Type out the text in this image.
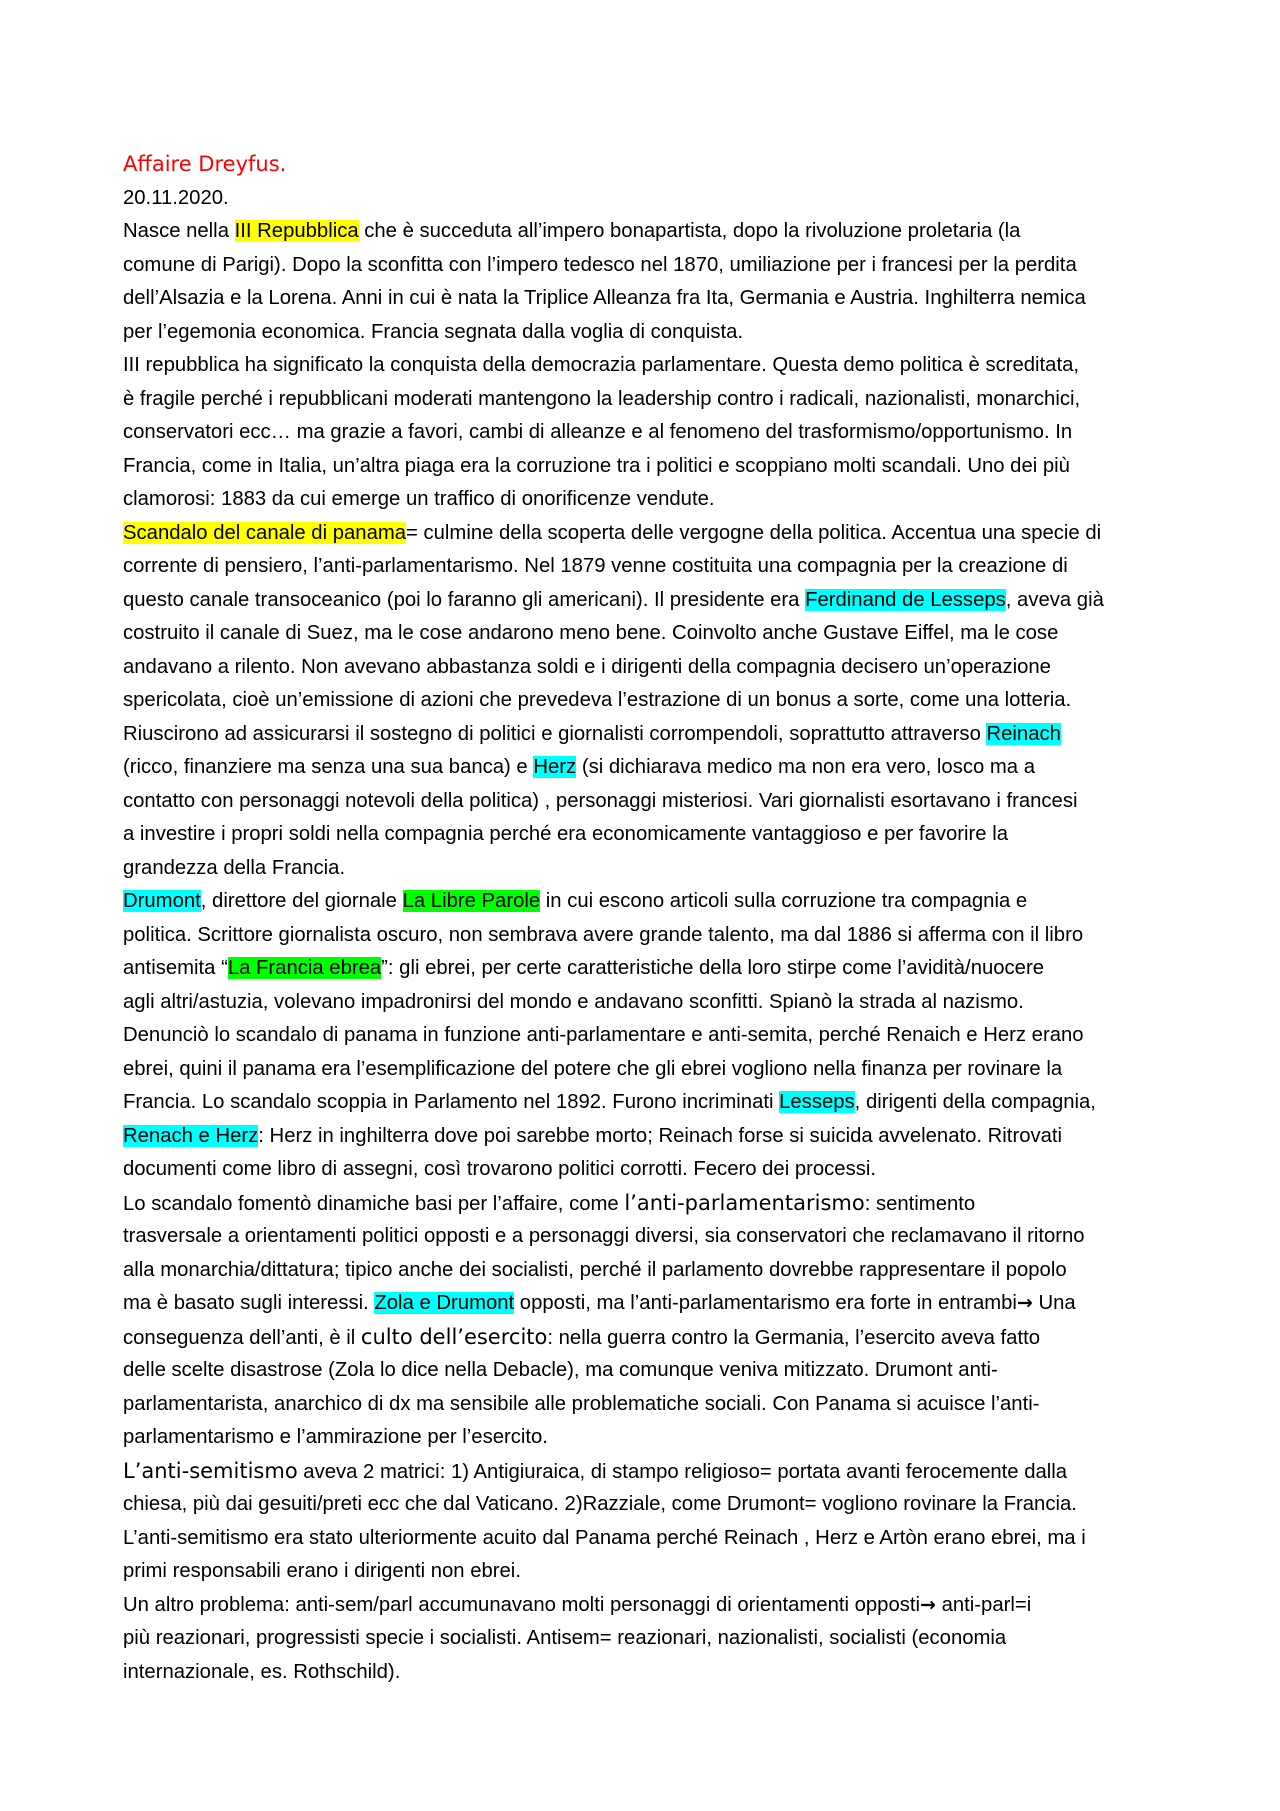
Affaire Dreyfus.
20.11.2020.
Nasce nella III Repubblica che è succeduta all’impero bonapartista, dopo la rivoluzione proletaria (la
comune di Parigi). Dopo la sconfitta con l’impero tedesco nel 1870, umiliazione per i francesi per la perdita
dell’Alsazia e la Lorena. Anni in cui è nata la Triplice Alleanza fra Ita, Germania e Austria. Inghilterra nemica
per l’egemonia economica. Francia segnata dalla voglia di conquista.
III repubblica ha significato la conquista della democrazia parlamentare. Questa demo politica è screditata,
è fragile perché i repubblicani moderati mantengono la leadership contro i radicali, nazionalisti, monarchici,
conservatori ecc… ma grazie a favori, cambi di alleanze e al fenomeno del trasformismo/opportunismo. In
Francia, come in Italia, un’altra piaga era la corruzione tra i politici e scoppiano molti scandali. Uno dei più
clamorosi: 1883 da cui emerge un traffico di onorificenze vendute.
Scandalo del canale di panama= culmine della scoperta delle vergogne della politica. Accentua una specie di
corrente di pensiero, l’anti-parlamentarismo. Nel 1879 venne costituita una compagnia per la creazione di
questo canale transoceanico (poi lo faranno gli americani). Il presidente era Ferdinand de Lesseps, aveva già
costruito il canale di Suez, ma le cose andarono meno bene. Coinvolto anche Gustave Eiffel, ma le cose
andavano a rilento. Non avevano abbastanza soldi e i dirigenti della compagnia decisero un’operazione
spericolata, cioè un’emissione di azioni che prevedeva l’estrazione di un bonus a sorte, come una lotteria.
Riuscirono ad assicurarsi il sostegno di politici e giornalisti corrompendoli, soprattutto attraverso Reinach
(ricco, finanziere ma senza una sua banca) e Herz (si dichiarava medico ma non era vero, losco ma a
contatto con personaggi notevoli della politica) , personaggi misteriosi. Vari giornalisti esortavano i francesi
a investire i propri soldi nella compagnia perché era economicamente vantaggioso e per favorire la
grandezza della Francia.
Drumont, direttore del giornale La Libre Parole in cui escono articoli sulla corruzione tra compagnia e
politica. Scrittore giornalista oscuro, non sembrava avere grande talento, ma dal 1886 si afferma con il libro
antisemita “La Francia ebrea”: gli ebrei, per certe caratteristiche della loro stirpe come l’avidità/nuocere
agli altri/astuzia, volevano impadronirsi del mondo e andavano sconfitti. Spianò la strada al nazismo.
Denunciò lo scandalo di panama in funzione anti-parlamentare e anti-semita, perché Renaich e Herz erano
ebrei, quini il panama era l’esemplificazione del potere che gli ebrei vogliono nella finanza per rovinare la
Francia. Lo scandalo scoppia in Parlamento nel 1892. Furono incriminati Lesseps, dirigenti della compagnia,
Renach e Herz: Herz in inghilterra dove poi sarebbe morto; Reinach forse si suicida avvelenato. Ritrovati
documenti come libro di assegni, così trovarono politici corrotti. Fecero dei processi.
Lo scandalo fomentò dinamiche basi per l’affaire, come l’anti-parlamentarismo: sentimento
trasversale a orientamenti politici opposti e a personaggi diversi, sia conservatori che reclamavano il ritorno
alla monarchia/dittatura; tipico anche dei socialisti, perché il parlamento dovrebbe rappresentare il popolo
ma è basato sugli interessi. Zola e Drumont opposti, ma l’anti-parlamentarismo era forte in entrambi→ Una
conseguenza dell’anti, è il culto dell’esercito: nella guerra contro la Germania, l’esercito aveva fatto
delle scelte disastrose (Zola lo dice nella Debacle), ma comunque veniva mitizzato. Drumont anti-
parlamentarista, anarchico di dx ma sensibile alle problematiche sociali. Con Panama si acuisce l’anti-
parlamentarismo e l’ammirazione per l’esercito.
L’anti-semitismo aveva 2 matrici: 1) Antigiuraica, di stampo religioso= portata avanti ferocemente dalla
chiesa, più dai gesuiti/preti ecc che dal Vaticano. 2)Razziale, come Drumont= vogliono rovinare la Francia.
L’anti-semitismo era stato ulteriormente acuito dal Panama perché Reinach , Herz e Artòn erano ebrei, ma i
primi responsabili erano i dirigenti non ebrei.
Un altro problema: anti-sem/parl accumunavano molti personaggi di orientamenti opposti→ anti-parl=i
più reazionari, progressisti specie i socialisti. Antisem= reazionari, nazionalisti, socialisti (economia
internazionale, es. Rothschild).
